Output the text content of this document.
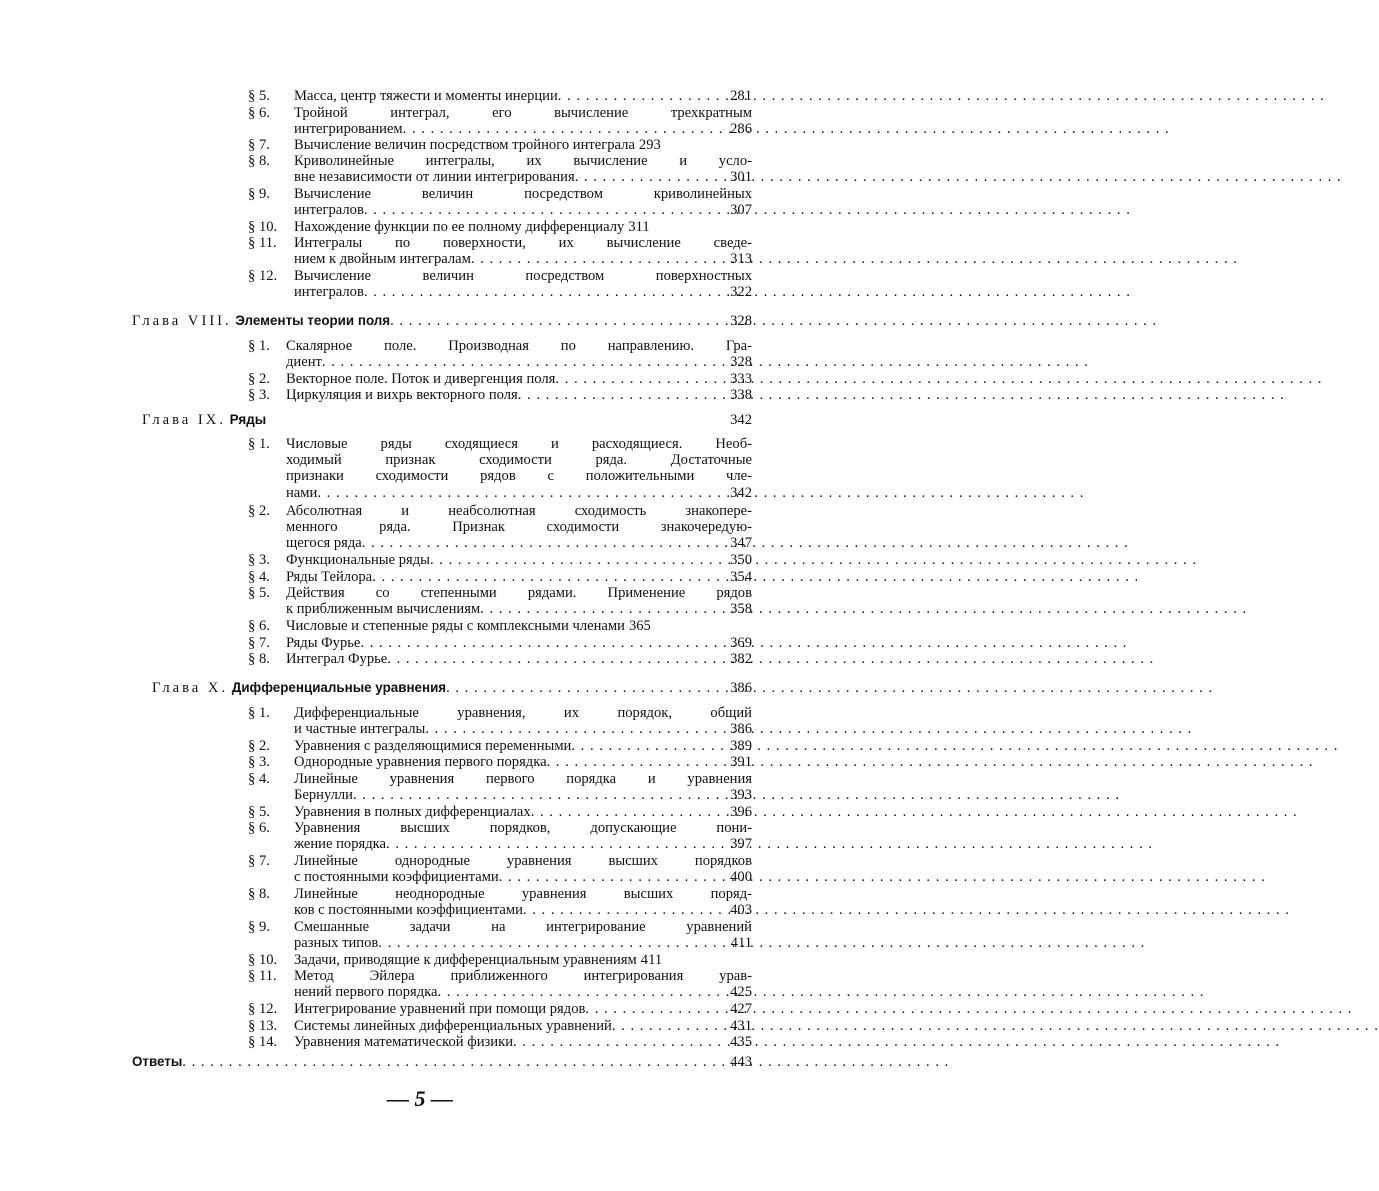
§ 5. Масса, центр тяжести и моменты инерции . . .	281
§ 6. Тройной интеграл, его вычисление трехкратным
интегрированием . . .	286
§ 7. Вычисление величин посредством тройного интеграла 293
§ 8. Криволинейные интегралы, их вычисление и усло-
вне независимости от линии интегрирования . . .	301
§ 9. Вычисление величин посредством криволинейных
интегралов . . .	307
§ 10. Нахождение функции по ее полному дифференциалу 311
§ 11. Интегралы по поверхности, их вычисление сведе-
нием к двойным интегралам . . .	313
§ 12. Вычисление величин посредством поверхностных
интегралов . . .	322
Глава VIII. Элементы теории поля . . .	328
§ 1. Скалярное поле. Производная по направлению. Гра-
диент . . .	328
§ 2. Векторное поле. Поток и дивергенция поля . . .	333
§ 3. Циркуляция и вихрь векторного поля . . .	338
Глава IX. Ряды	342
§ 1. Числовые ряды сходящиеся и расходящиеся. Необ-
ходимый признак сходимости ряда. Достаточные
признаки сходимости рядов с положительными чле-
нами . . .	342
§ 2. Абсолютная и неабсолютная сходимость знакопере-
менного ряда. Признак сходимости знакочередую-
щегося ряда . . .	347
§ 3. Функциональные ряды . . .	350
§ 4. Ряды Тейлора . . .	354
§ 5. Действия со степенными рядами. Применение рядов
к приближенным вычислениям . . .	358
§ 6. Числовые и степенные ряды с комплексными членами 365
§ 7. Ряды Фурье . . .	369
§ 8. Интеграл Фурье . . .	382
Глава X. Дифференциальные уравнения . . .	386
§ 1. Дифференциальные уравнения, их порядок, общий
и частные интегралы . . .	386
§ 2. Уравнения с разделяющимися переменными . . .	389
§ 3. Однородные уравнения первого порядка . . .	391
§ 4. Линейные уравнения первого порядка и уравнения
Бернулли . . .	393
§ 5. Уравнения в полных дифференциалах . . .	396
§ 6. Уравнения высших порядков, допускающие пони-
жение порядка . . .	397
§ 7. Линейные однородные уравнения высших порядков
с постоянными коэффициентами . . .	400
§ 8. Линейные неоднородные уравнения высших поряд-
ков с постоянными коэффициентами . . .	403
§ 9. Смешанные задачи на интегрирование уравнений
разных типов . . .	411
§ 10. Задачи, приводящие к дифференциальным уравнениям 411
§ 11. Метод Эйлера приближенного интегрирования урав-
нений первого порядка . . .	425
§ 12. Интегрирование уравнений при помощи рядов . . .	427
§ 13. Системы линейных дифференциальных уравнений . . .	431
§ 14. Уравнения математической физики . . .	435
Ответы . . .	443
— 5 —
